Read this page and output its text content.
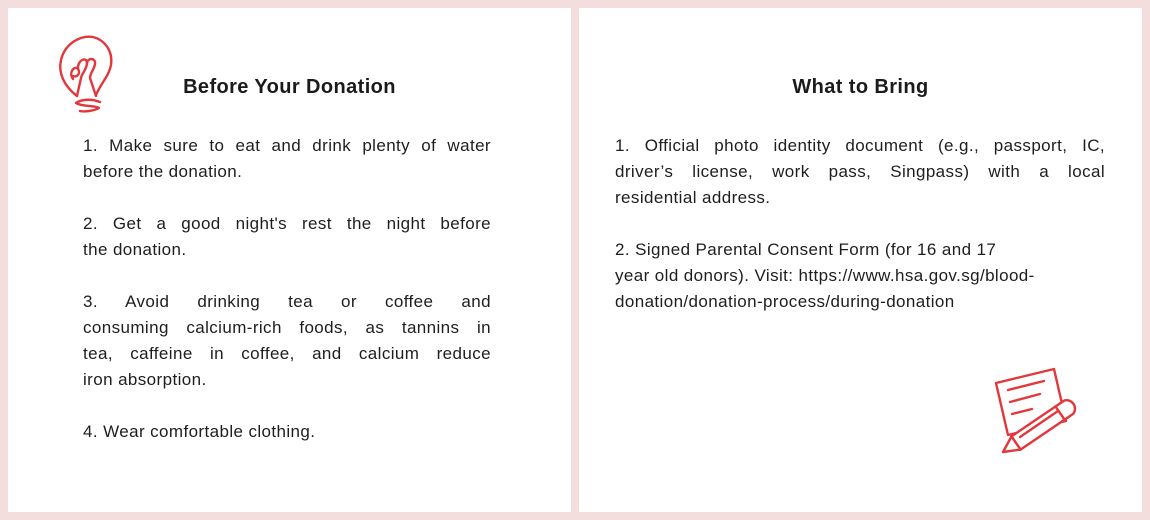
Before Your Donation

1. Make sure to eat and drink plenty of water
before the donation.

2. Get a good night's rest the night before
the donation.

3. Avoid drinking tea or coffee and
consuming calcium-rich foods, as tannins in
tea, caffeine in coffee, and calcium reduce
iron absorption.

4. Wear comfortable clothing.

What to Bring

1. Official photo identity document (e.g., passport, IC,
driver’s license, work pass, Singpass) with a local
residential address.

2. Signed Parental Consent Form (for 16 and 17
year old donors). Visit: https://www.hsa.gov.sg/blood-
donation/donation-process/during-donation
